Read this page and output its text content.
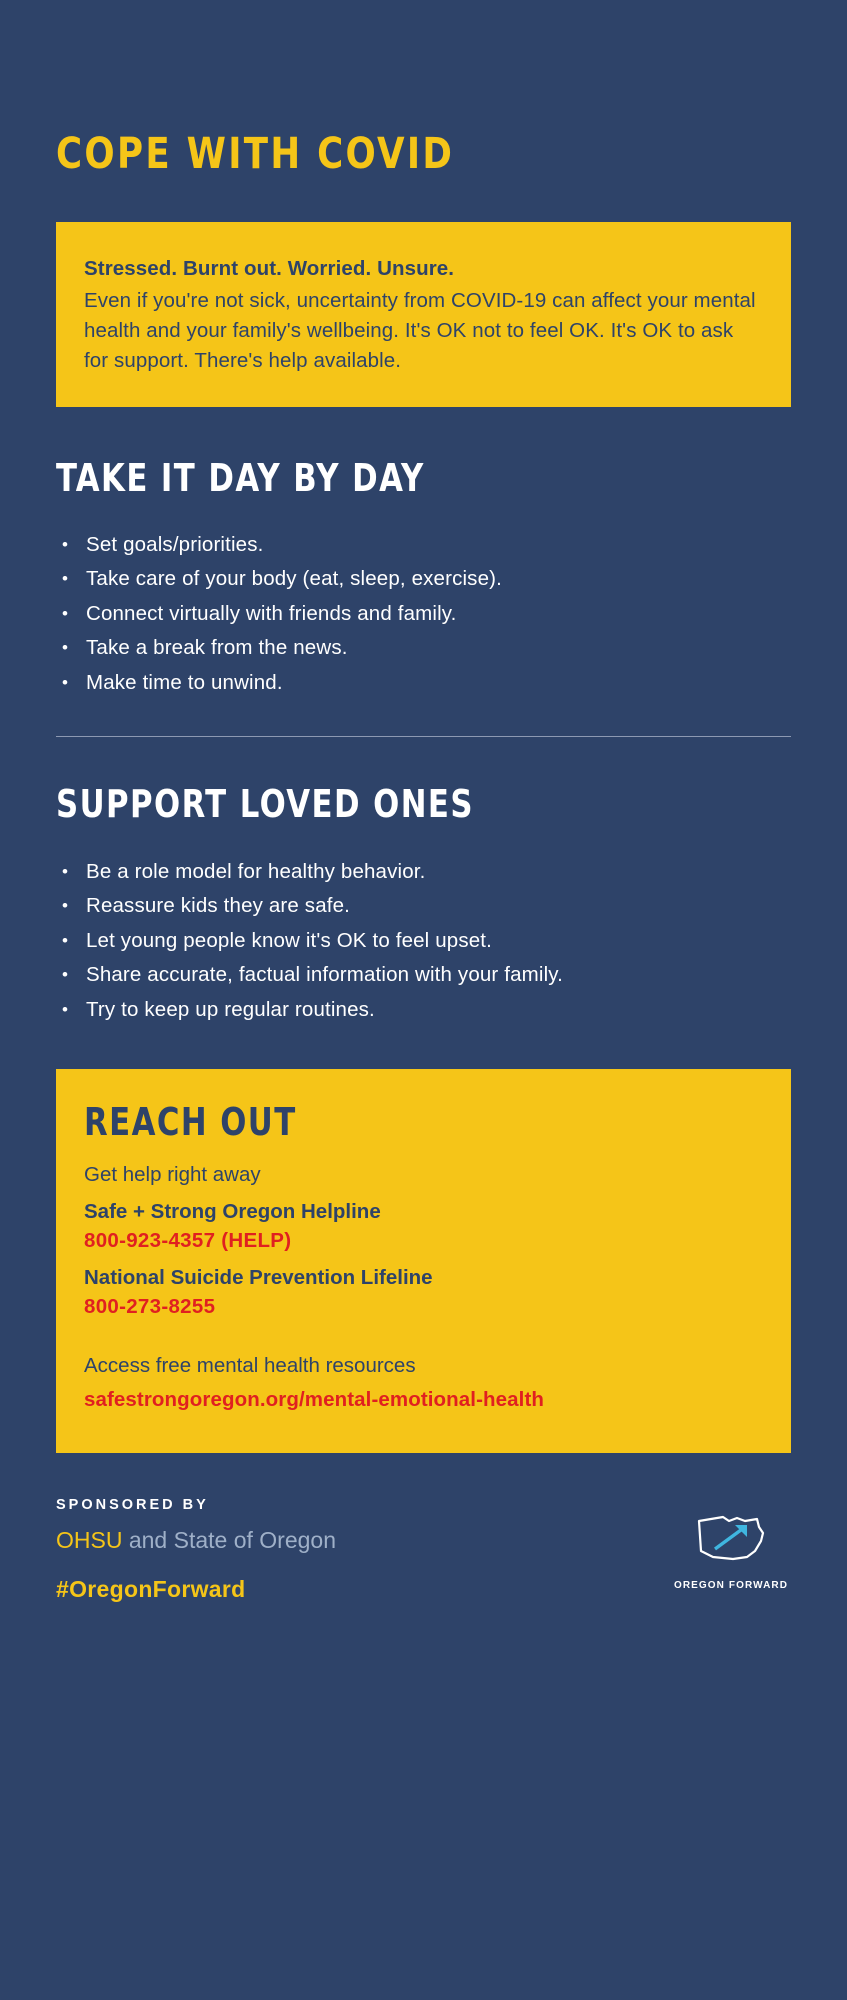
COPE WITH COVID

Stressed. Burnt out. Worried. Unsure.

Even if you're not sick, uncertainty from COVID-19 can affect your mental health and your family's wellbeing. It's OK not to feel OK. It's OK to ask for support. There's help available.

TAKE IT DAY BY DAY
• Set goals/priorities.
• Take care of your body (eat, sleep, exercise).
• Connect virtually with friends and family.
• Take a break from the news.
• Make time to unwind.
SUPPORT LOVED ONES
• Be a role model for healthy behavior.
• Reassure kids they are safe.
• Let young people know it's OK to feel upset.
• Share accurate, factual information with your family.
• Try to keep up regular routines.
REACH OUT
Get help right away
Safe + Strong Oregon Helpline
800-923-4357 (HELP)
National Suicide Prevention Lifeline
800-273-8255
Access free mental health resources
safestrongoregon.org/mental-emotional-health
SPONSORED BY
OHSU and State of Oregon
#OregonForward	OREGON FORWARD
